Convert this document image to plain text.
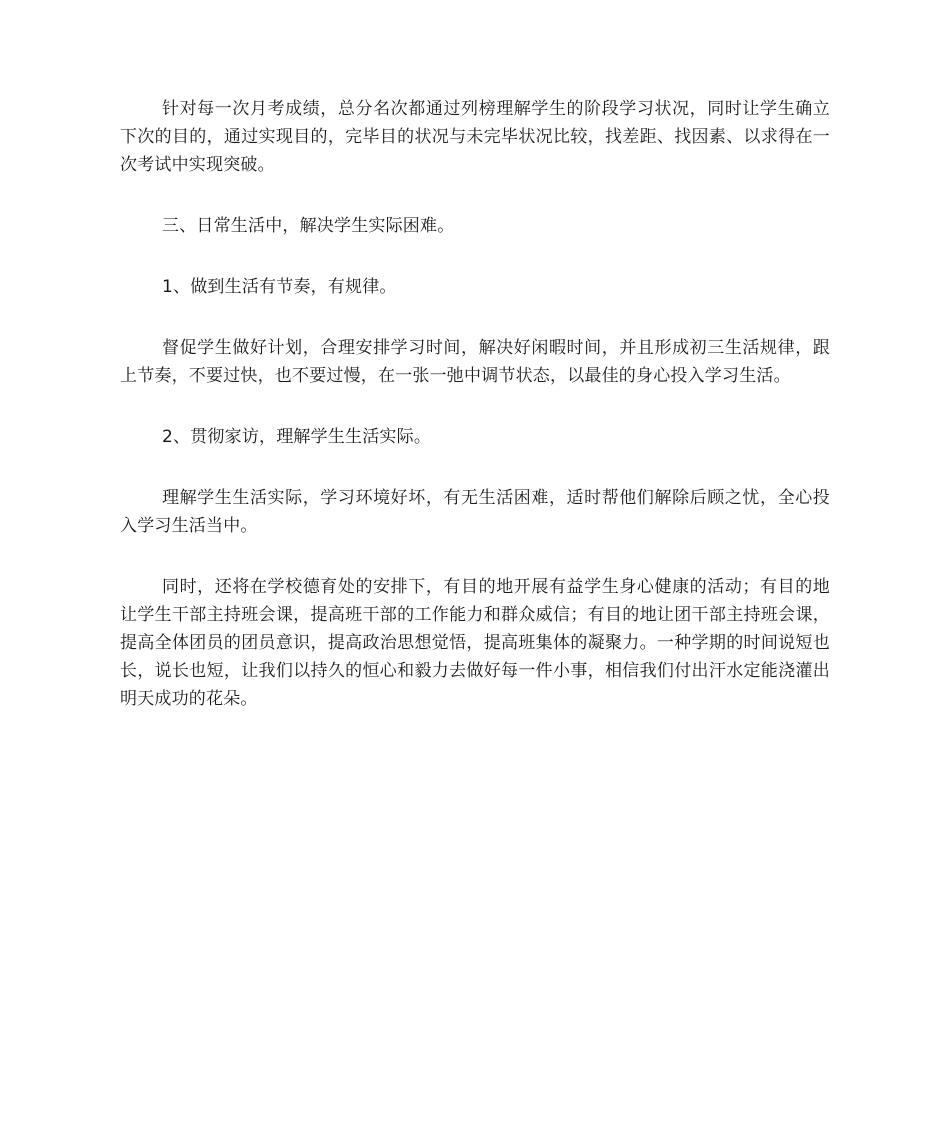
针对每一次月考成绩，总分名次都通过列榜理解学生的阶段学习状况，同时让学生确立下次的目的，通过实现目的，完毕目的状况与未完毕状况比较，找差距、找因素、以求得在一次考试中实现突破。

三、日常生活中，解决学生实际困难。

1、做到生活有节奏，有规律。

督促学生做好计划，合理安排学习时间，解决好闲暇时间，并且形成初三生活规律，跟上节奏，不要过快，也不要过慢，在一张一弛中调节状态，以最佳的身心投入学习生活。

2、贯彻家访，理解学生生活实际。

理解学生生活实际，学习环境好坏，有无生活困难，适时帮他们解除后顾之忧，全心投入学习生活当中。

同时，还将在学校德育处的安排下，有目的地开展有益学生身心健康的活动；有目的地让学生干部主持班会课，提高班干部的工作能力和群众威信；有目的地让团干部主持班会课，提高全体团员的团员意识，提高政治思想觉悟，提高班集体的凝聚力。一种学期的时间说短也长，说长也短，让我们以持久的恒心和毅力去做好每一件小事，相信我们付出汗水定能浇灌出明天成功的花朵。
